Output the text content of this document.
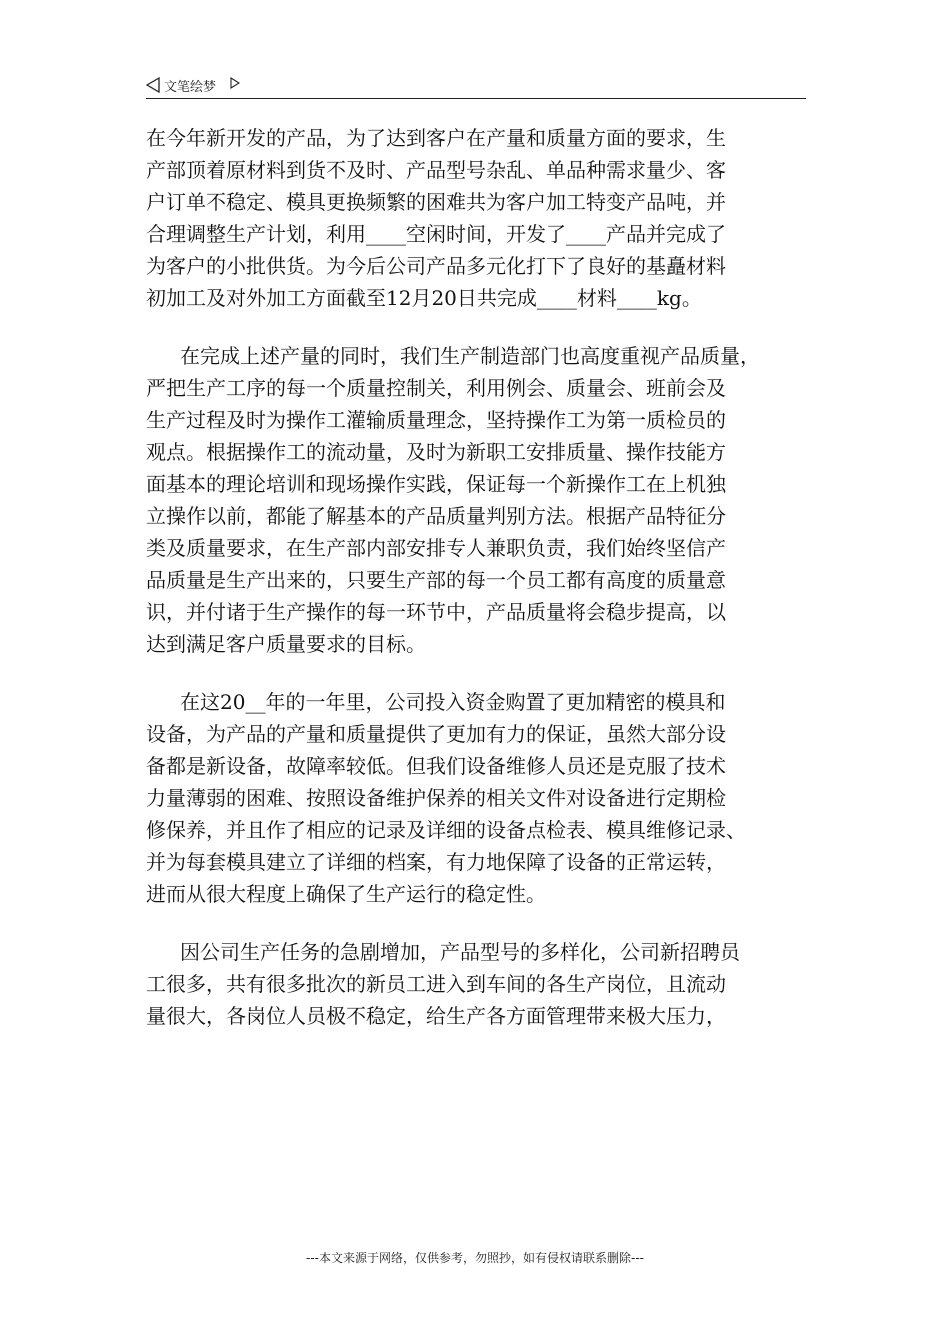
文笔绘梦
在今年新开发的产品，为了达到客户在产量和质量方面的要求，生
产部顶着原材料到货不及时、产品型号杂乱、单品种需求量少、客
户订单不稳定、模具更换频繁的困难共为客户加工特变产品吨，并
合理调整生产计划，利用____空闲时间，开发了____产品并完成了
为客户的小批供货。为今后公司产品多元化打下了良好的基矗材料
初加工及对外加工方面截至12月20日共完成____材料____kg。
在完成上述产量的同时，我们生产制造部门也高度重视产品质量，
严把生产工序的每一个质量控制关，利用例会、质量会、班前会及
生产过程及时为操作工灌输质量理念，坚持操作工为第一质检员的
观点。根据操作工的流动量，及时为新职工安排质量、操作技能方
面基本的理论培训和现场操作实践，保证每一个新操作工在上机独
立操作以前，都能了解基本的产品质量判别方法。根据产品特征分
类及质量要求，在生产部内部安排专人兼职负责，我们始终坚信产
品质量是生产出来的，只要生产部的每一个员工都有高度的质量意
识，并付诸于生产操作的每一环节中，产品质量将会稳步提高，以
达到满足客户质量要求的目标。
在这20__年的一年里，公司投入资金购置了更加精密的模具和
设备，为产品的产量和质量提供了更加有力的保证，虽然大部分设
备都是新设备，故障率较低。但我们设备维修人员还是克服了技术
力量薄弱的困难、按照设备维护保养的相关文件对设备进行定期检
修保养，并且作了相应的记录及详细的设备点检表、模具维修记录、
并为每套模具建立了详细的档案，有力地保障了设备的正常运转，
进而从很大程度上确保了生产运行的稳定性。
因公司生产任务的急剧增加，产品型号的多样化，公司新招聘员
工很多，共有很多批次的新员工进入到车间的各生产岗位，且流动
量很大，各岗位人员极不稳定，给生产各方面管理带来极大压力，
---本文来源于网络，仅供参考，勿照抄，如有侵权请联系删除---
